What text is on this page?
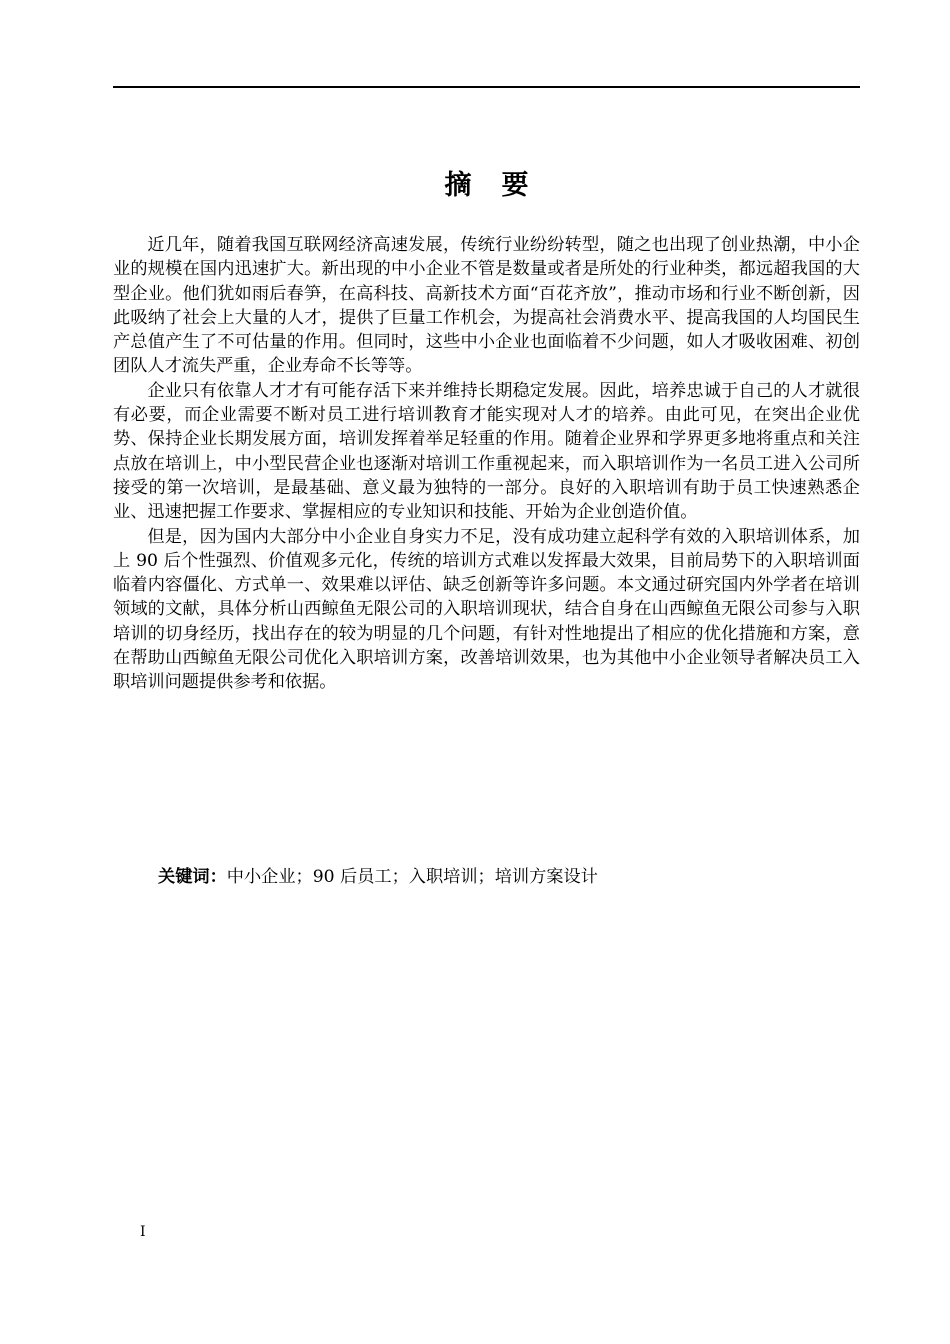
摘要

近几年，随着我国互联网经济高速发展，传统行业纷纷转型，随之也出现了创业热潮，中小企业的规模在国内迅速扩大。新出现的中小企业不管是数量或者是所处的行业种类，都远超我国的大型企业。他们犹如雨后春笋，在高科技、高新技术方面“百花齐放”，推动市场和行业不断创新，因此吸纳了社会上大量的人才，提供了巨量工作机会，为提高社会消费水平、提高我国的人均国民生产总值产生了不可估量的作用。但同时，这些中小企业也面临着不少问题，如人才吸收困难、初创团队人才流失严重，企业寿命不长等等。

企业只有依靠人才才有可能存活下来并维持长期稳定发展。因此，培养忠诚于自己的人才就很有必要，而企业需要不断对员工进行培训教育才能实现对人才的培养。由此可见，在突出企业优势、保持企业长期发展方面，培训发挥着举足轻重的作用。随着企业界和学界更多地将重点和关注点放在培训上，中小型民营企业也逐渐对培训工作重视起来，而入职培训作为一名员工进入公司所接受的第一次培训，是最基础、意义最为独特的一部分。良好的入职培训有助于员工快速熟悉企业、迅速把握工作要求、掌握相应的专业知识和技能、开始为企业创造价值。

但是，因为国内大部分中小企业自身实力不足，没有成功建立起科学有效的入职培训体系，加上 90 后个性强烈、价值观多元化，传统的培训方式难以发挥最大效果，目前局势下的入职培训面临着内容僵化、方式单一、效果难以评估、缺乏创新等许多问题。本文通过研究国内外学者在培训领域的文献，具体分析山西鲸鱼无限公司的入职培训现状，结合自身在山西鲸鱼无限公司参与入职培训的切身经历，找出存在的较为明显的几个问题，有针对性地提出了相应的优化措施和方案，意在帮助山西鲸鱼无限公司优化入职培训方案，改善培训效果，也为其他中小企业领导者解决员工入职培训问题提供参考和依据。

关键词：中小企业；90 后员工；入职培训；培训方案设计
I
